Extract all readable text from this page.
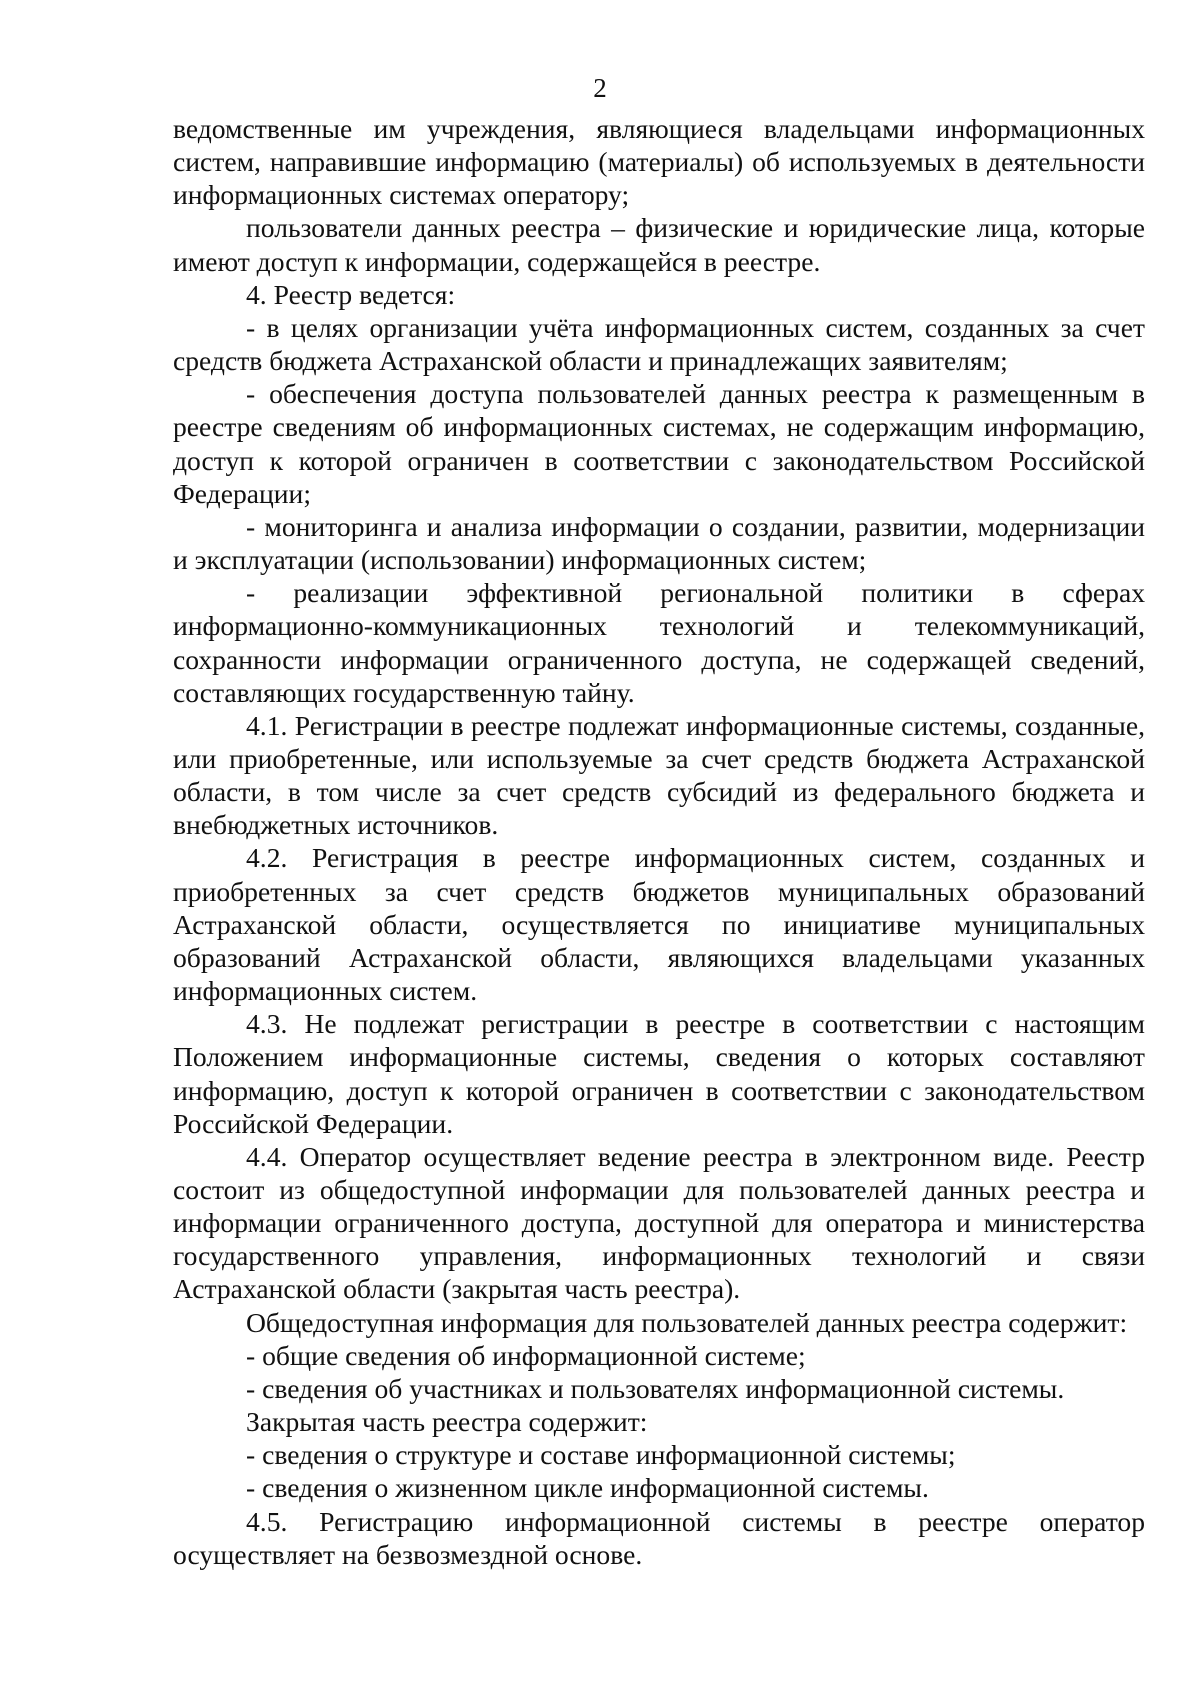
2

ведомственные им учреждения, являющиеся владельцами информационных систем, направившие информацию (материалы) об используемых в деятельности информационных системах оператору;

пользователи данных реестра – физические и юридические лица, которые имеют доступ к информации, содержащейся в реестре.

4. Реестр ведется:

- в целях организации учёта информационных систем, созданных за счет средств бюджета Астраханской области и принадлежащих заявителям;

- обеспечения доступа пользователей данных реестра к размещенным в реестре сведениям об информационных системах, не содержащим информацию, доступ к которой ограничен в соответствии с законодательством Российской Федерации;

- мониторинга и анализа информации о создании, развитии, модернизации и эксплуатации (использовании) информационных систем;

- реализации эффективной региональной политики в сферах информационно-коммуникационных технологий и телекоммуникаций, сохранности информации ограниченного доступа, не содержащей сведений, составляющих государственную тайну.

4.1. Регистрации в реестре подлежат информационные системы, созданные, или приобретенные, или используемые за счет средств бюджета Астраханской области, в том числе за счет средств субсидий из федерального бюджета и внебюджетных источников.

4.2. Регистрация в реестре информационных систем, созданных и приобретенных за счет средств бюджетов муниципальных образований Астраханской области, осуществляется по инициативе муниципальных образований Астраханской области, являющихся владельцами указанных информационных систем.

4.3. Не подлежат регистрации в реестре в соответствии с настоящим Положением информационные системы, сведения о которых составляют информацию, доступ к которой ограничен в соответствии с законодательством Российской Федерации.

4.4. Оператор осуществляет ведение реестра в электронном виде. Реестр состоит из общедоступной информации для пользователей данных реестра и информации ограниченного доступа, доступной для оператора и министерства государственного управления, информационных технологий и связи Астраханской области (закрытая часть реестра).

Общедоступная информация для пользователей данных реестра содержит:

- общие сведения об информационной системе;

- сведения об участниках и пользователях информационной системы.

Закрытая часть реестра содержит:

- сведения о структуре и составе информационной системы;

- сведения о жизненном цикле информационной системы.

4.5. Регистрацию информационной системы в реестре оператор осуществляет на безвозмездной основе.
